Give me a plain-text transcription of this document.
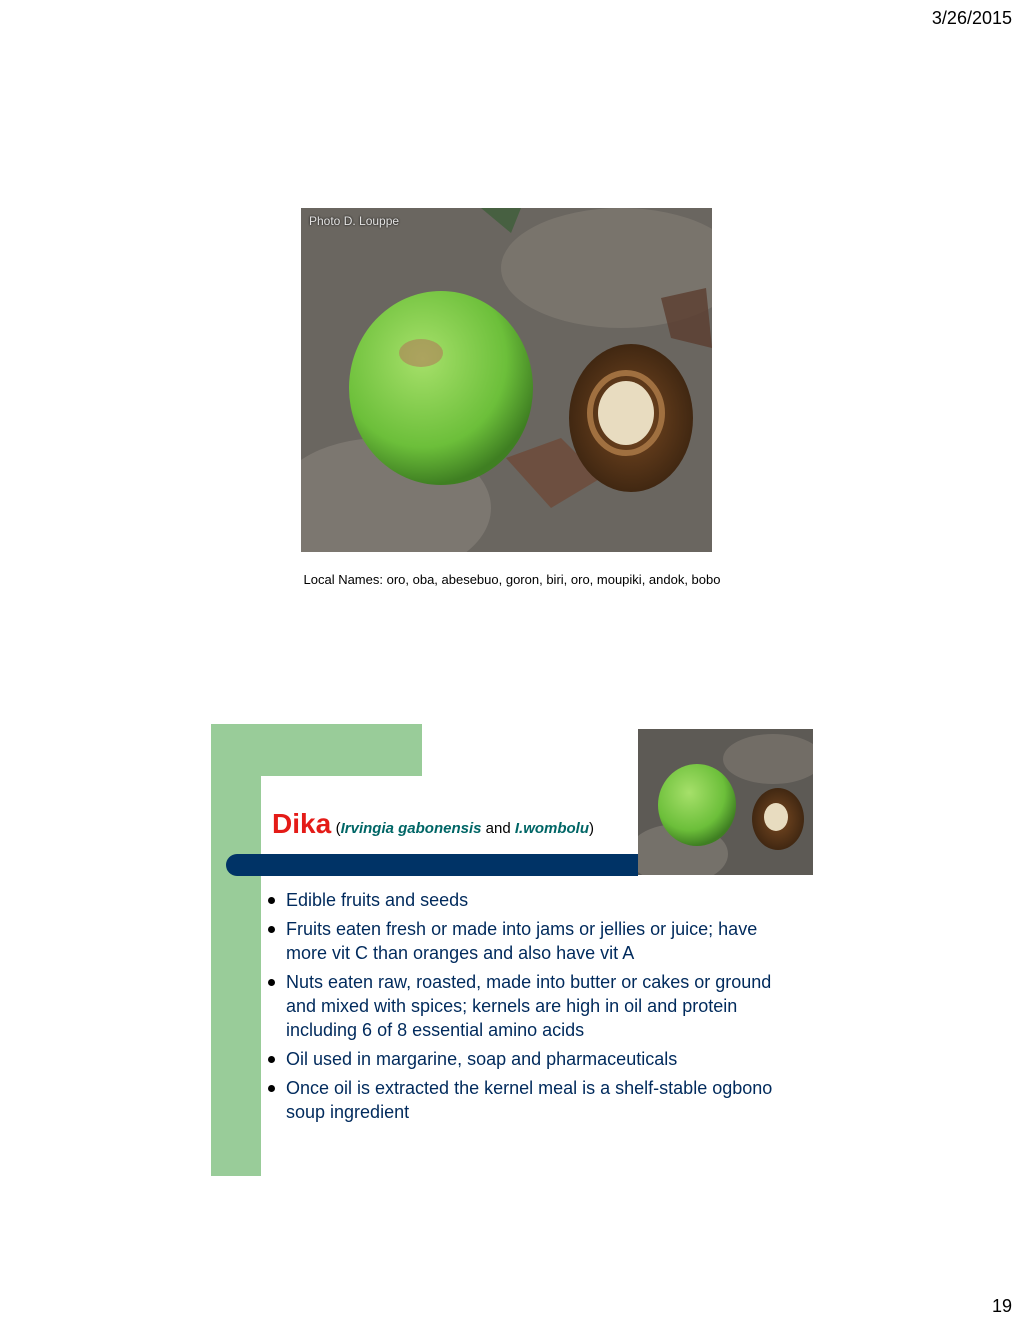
3/26/2015
Photo D. Louppe
Local Names: oro, oba, abesebuo, goron, biri, oro, moupiki, andok, bobo
Dika (Irvingia gabonensis and I.wombolu)
Edible fruits and seeds
Fruits eaten fresh or made into jams or jellies or juice; have more vit C than oranges and also have vit A
Nuts eaten raw, roasted, made into butter or cakes or ground and mixed with spices; kernels are high in oil and protein including 6 of 8 essential amino acids
Oil used in margarine, soap and pharmaceuticals
Once oil is extracted the kernel meal is a shelf-stable ogbono soup ingredient
19
